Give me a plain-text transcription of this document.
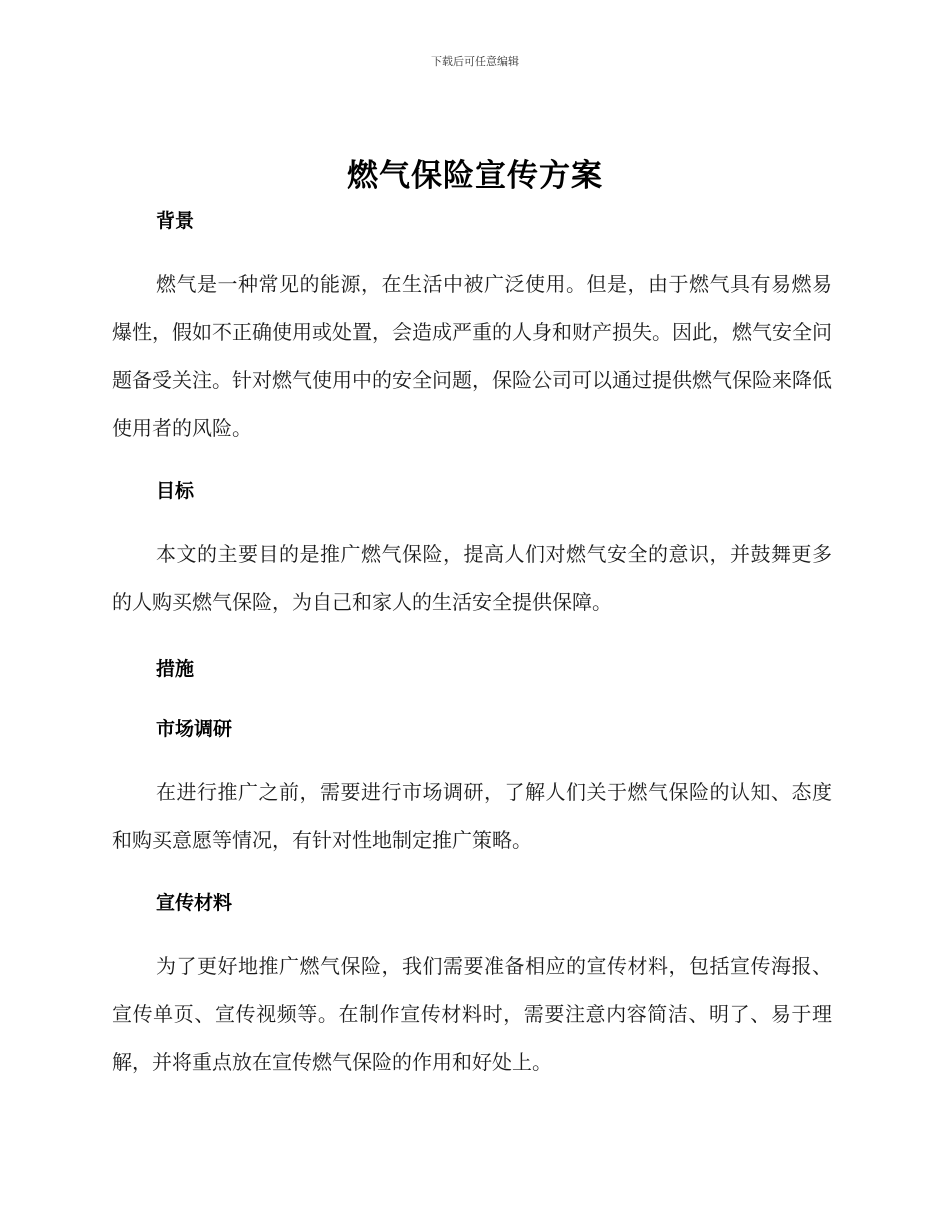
下载后可任意编辑
燃气保险宣传方案
背景

燃气是一种常见的能源，在生活中被广泛使用。但是，由于燃气具有易燃易爆性，假如不正确使用或处置，会造成严重的人身和财产损失。因此，燃气安全问题备受关注。针对燃气使用中的安全问题，保险公司可以通过提供燃气保险来降低使用者的风险。

目标

本文的主要目的是推广燃气保险，提高人们对燃气安全的意识，并鼓舞更多的人购买燃气保险，为自己和家人的生活安全提供保障。

措施
市场调研

在进行推广之前，需要进行市场调研，了解人们关于燃气保险的认知、态度和购买意愿等情况，有针对性地制定推广策略。

宣传材料

为了更好地推广燃气保险，我们需要准备相应的宣传材料，包括宣传海报、宣传单页、宣传视频等。在制作宣传材料时，需要注意内容简洁、明了、易于理解，并将重点放在宣传燃气保险的作用和好处上。
